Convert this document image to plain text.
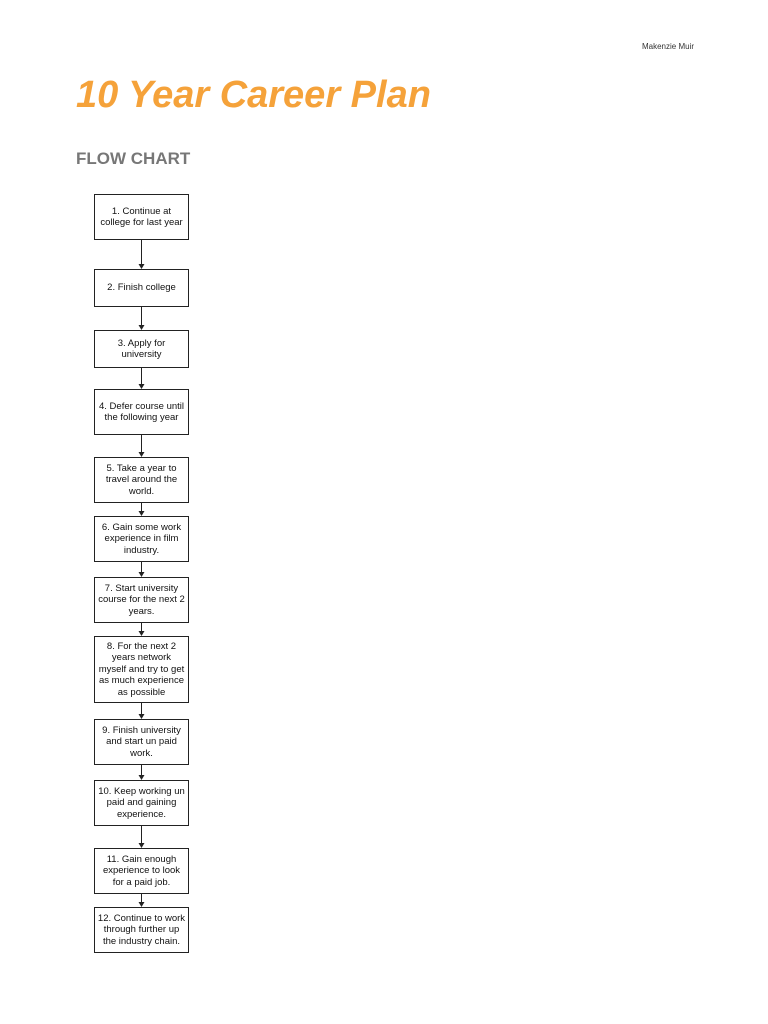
Makenzie Muir
10 Year Career Plan
FLOW CHART
1. Continue at college for last year
2. Finish college
3. Apply for university
4. Defer course until the following year
5. Take a year to travel around the world.
6. Gain some work experience in film industry.
7. Start university course for the next 2 years.
8. For the next 2 years network myself and try to get as much experience as possible
9. Finish university and start un paid work.
10. Keep working un paid and gaining experience.
11. Gain enough experience to look for a paid job.
12. Continue to work through further up the industry chain.
